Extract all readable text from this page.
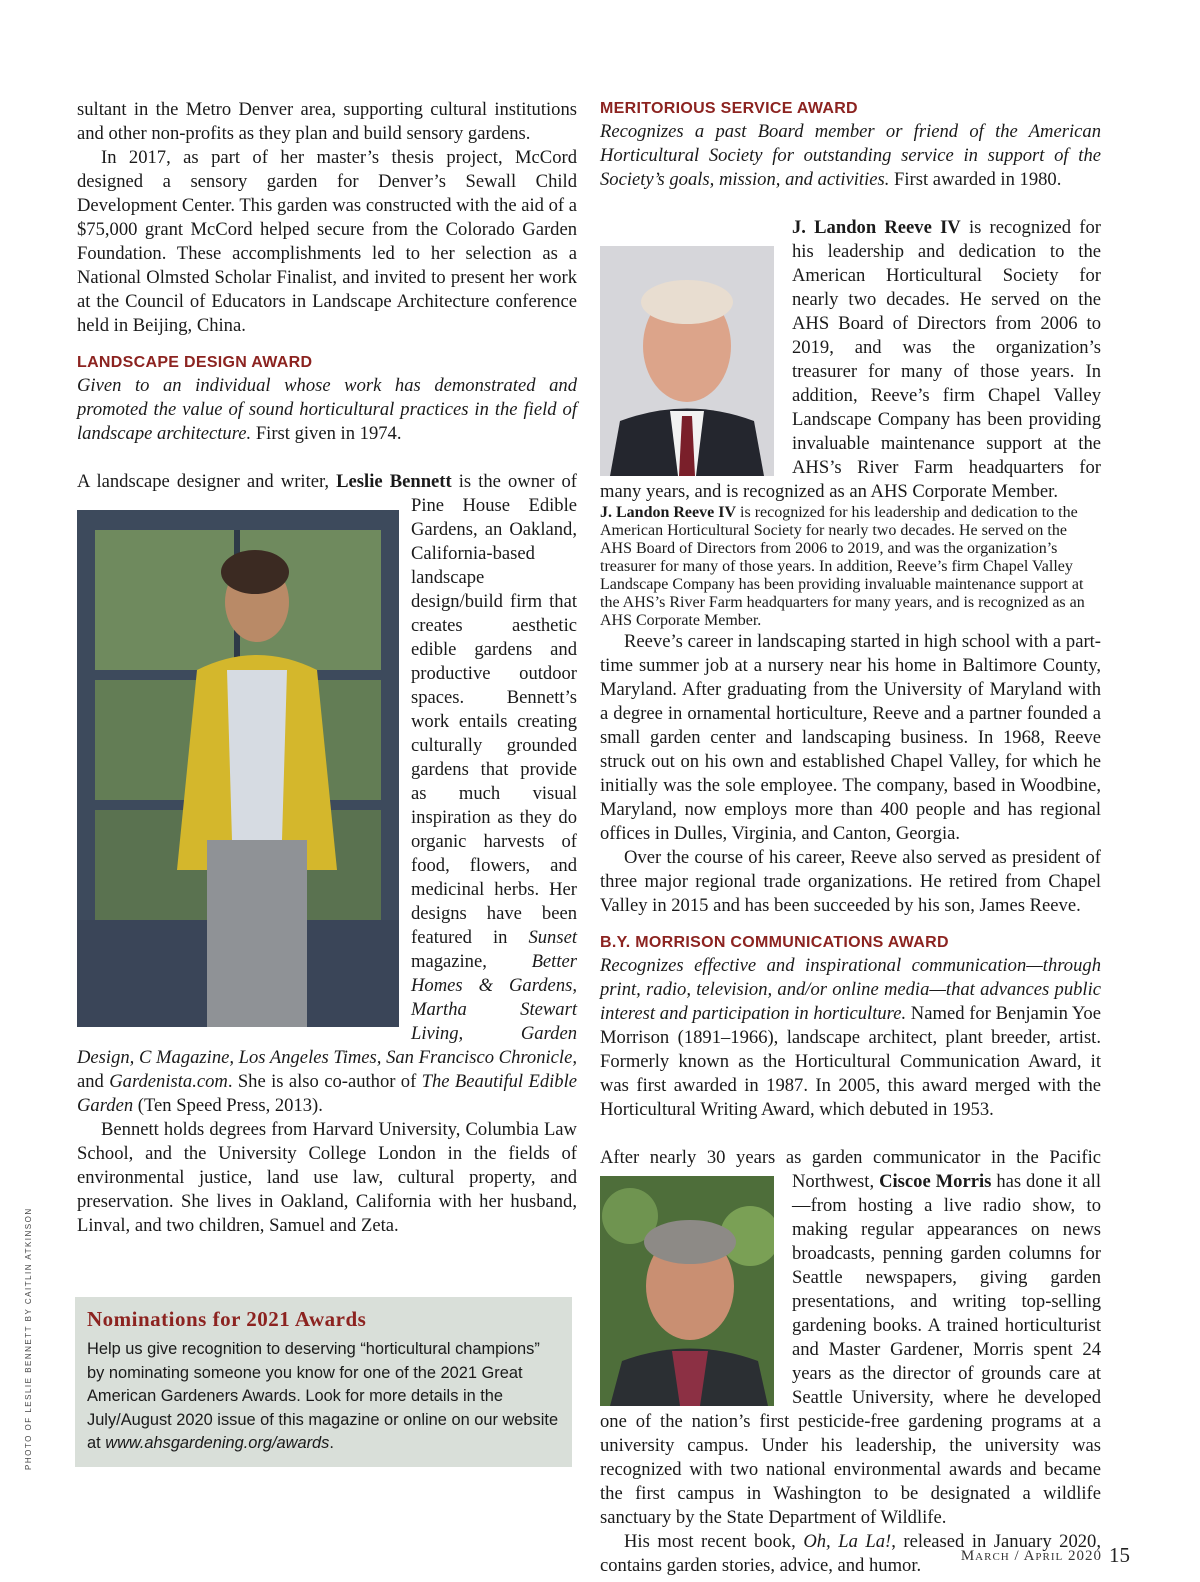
sultant in the Metro Denver area, supporting cultural institutions and other non-profits as they plan and build sensory gardens.

In 2017, as part of her master’s thesis project, McCord designed a sensory garden for Denver’s Sewall Child Development Center. This garden was constructed with the aid of a $75,000 grant McCord helped secure from the Colorado Garden Foundation. These accomplishments led to her selection as a National Olmsted Scholar Finalist, and invited to present her work at the Council of Educators in Landscape Architecture conference held in Beijing, China.

LANDSCAPE DESIGN AWARD

Given to an individual whose work has demonstrated and promoted the value of sound horticultural practices in the field of landscape architecture. First given in 1974.

A landscape designer and writer, Leslie Bennett
is the owner of Pine House Edible Gardens, an Oakland, California-based landscape design/build firm that creates aesthetic edible gardens and productive outdoor spaces. Bennett’s work entails creating culturally grounded gardens that provide as much visual inspiration as they do organic harvests of food, flowers, and medicinal herbs. Her designs have been featured in Sunset magazine, Better Homes & Gardens, Martha Stewart Living, Garden Design, C Magazine, Los Angeles Times, San Francisco Chronicle, and Gardenista.com. She is also co-author of The Beautiful Edible Garden (Ten Speed Press, 2013).

Bennett holds degrees from Harvard University, Columbia Law School, and the University College London in the fields of environmental justice, land use law, cultural property, and preservation. She lives in Oakland, California with her husband, Linval, and two children, Samuel and Zeta.

MERITORIOUS SERVICE AWARD

Recognizes a past Board member or friend of the American Horticultural Society for outstanding service in support of the Society’s goals, mission, and activities. First awarded in 1980.

J. Landon Reeve IV
is recognized for his leadership and dedication to the American Horticultural Society for nearly two decades. He served on the AHS Board of Directors from 2006 to 2019, and was the organization’s treasurer for many of those years. In addition, Reeve’s firm Chapel Valley Landscape Company has been providing invaluable maintenance support at the AHS’s River Farm headquarters for many years, and is recognized as an AHS Corporate Member.

J. Landon Reeve IV is recognized for his leadership and dedication to the American Horticultural Society for nearly two decades. He served on the AHS Board of Directors from 2006 to 2019, and was the organization’s treasurer for many of those years. In addition, Reeve’s firm Chapel Valley Landscape Company has been providing invaluable maintenance support at the AHS’s River Farm headquarters for many years, and is recognized as an AHS Corporate Member.

Reeve’s career in landscaping started in high school with a part-time summer job at a nursery near his home in Baltimore County, Maryland. After graduating from the University of Maryland with a degree in ornamental horticulture, Reeve and a partner founded a small garden center and landscaping business. In 1968, Reeve struck out on his own and established Chapel Valley, for which he initially was the sole employee. The company, based in Woodbine, Maryland, now employs more than 400 people and has regional offices in Dulles, Virginia, and Canton, Georgia.

Over the course of his career, Reeve also served as president of three major regional trade organizations. He retired from Chapel Valley in 2015 and has been succeeded by his son, James Reeve.

B.Y. MORRISON COMMUNICATIONS AWARD

Recognizes effective and inspirational communication—through print, radio, television, and/or online media—that advances public interest and participation in horticulture. Named for Benjamin Yoe Morrison (1891–1966), landscape architect, plant breeder, artist. Formerly known as the Horticultural Communication Award, it was first awarded in 1987. In 2005, this award merged with the Horticultural Writing Award, which debuted in 1953.

After nearly 30 years as garden communicator in the Pacific Northwest, Ciscoe Morris
has done it all—from hosting a live radio show, to making regular appearances on news broadcasts, penning garden columns for Seattle newspapers, giving garden presentations, and writing top-selling gardening books. A trained horticulturist and Master Gardener, Morris spent 24 years as the director of grounds care at Seattle University, where he developed one of the nation’s first pesticide-free gardening programs at a university campus. Under his leadership, the university was recognized with two national environmental awards and became the first campus in Washington to be designated a wildlife sanctuary by the State Department of Wildlife.

His most recent book, Oh, La La!, released in January 2020, contains garden stories, advice, and humor.

Nominations for 2021 Awards

Help us give recognition to deserving “horticultural champions” by nominating someone you know for one of the 2021 Great American Gardeners Awards. Look for more details in the July/August 2020 issue of this magazine or online on our website at www.ahsgardening.org/awards.

PHOTO OF LESLIE BENNETT BY CAITLIN ATKINSON
March / April 2020 15
